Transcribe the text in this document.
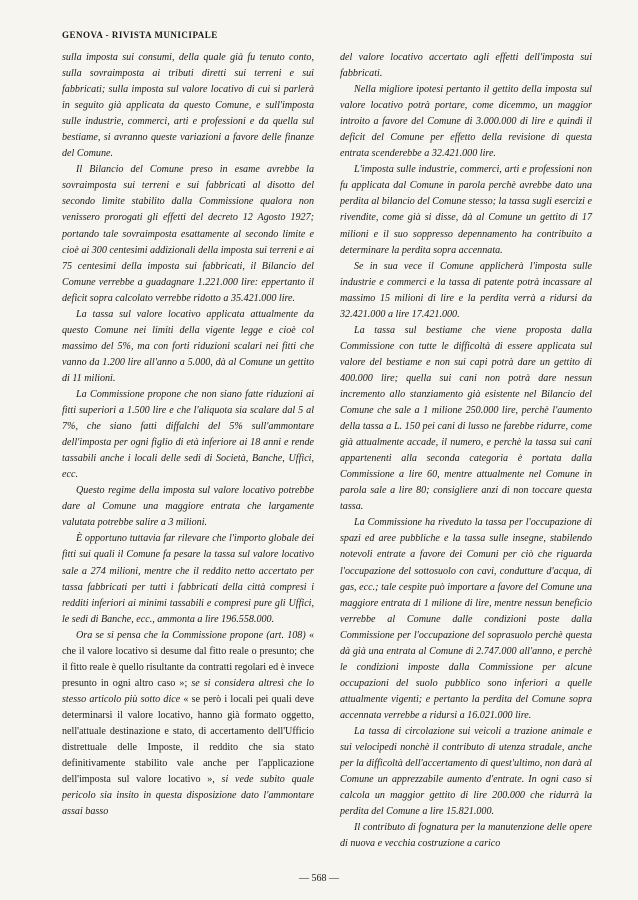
GENOVA - RIVISTA MUNICIPALE

sulla imposta sui consumi, della quale già fu tenuto conto, sulla sovraimposta ai tributi diretti sui terreni e sui fabbricati; sulla imposta sul valore locativo di cui si parlerà in seguito già applicata da questo Comune, e sull'imposta sulle industrie, commerci, arti e professioni e da quella sul bestiame, si avranno queste variazioni a favore delle finanze del Comune.

Il Bilancio del Comune preso in esame avrebbe la sovraimposta sui terreni e sui fabbricati al disotto del secondo limite stabilito dalla Commissione qualora non venissero prorogati gli effetti del decreto 12 Agosto 1927; portando tale sovraimposta esattamente al secondo limite e cioè ai 300 centesimi addizionali della imposta sui terreni e ai 75 centesimi della imposta sui fabbricati, il Bilancio del Comune verrebbe a guadagnare 1.221.000 lire: eppertanto il deficit sopra calcolato verrebbe ridotto a 35.421.000 lire.

La tassa sul valore locativo applicata attualmente da questo Comune nei limiti della vigente legge e cioè col massimo del 5%, ma con forti riduzioni scalari nei fitti che vanno da 1.200 lire all'anno a 5.000, dà al Comune un gettito di 11 milioni.

La Commissione propone che non siano fatte riduzioni ai fitti superiori a 1.500 lire e che l'aliquota sia scalare dal 5 al 7%, che siano fatti diffalchi del 5% sull'ammontare dell'imposta per ogni figlio di età inferiore ai 18 anni e rende tassabili anche i locali delle sedi di Società, Banche, Uffici, ecc.

Questo regime della imposta sul valore locativo potrebbe dare al Comune una maggiore entrata che largamente valutata potrebbe salire a 3 milioni.

È opportuno tuttavia far rilevare che l'importo globale dei fitti sui quali il Comune fa pesare la tassa sul valore locativo sale a 274 milioni, mentre che il reddito netto accertato per tassa fabbricati per tutti i fabbricati della città compresi i redditi inferiori ai minimi tassabili e compresi pure gli Uffici, le sedi di Banche, ecc., ammonta a lire 196.558.000.

Ora se si pensa che la Commissione propone (art. 108) « che il valore locativo si desume dal fitto reale o presunto; che il fitto reale è quello risultante da contratti regolari ed è invece presunto in ogni altro caso »; se si considera altresì che lo stesso articolo più sotto dice « se però i locali pei quali deve determinarsi il valore locativo, hanno già formato oggetto, nell'attuale destinazione e stato, di accertamento dell'Ufficio distrettuale delle Imposte, il reddito che sia stato definitivamente stabilito vale anche per l'applicazione dell'imposta sul valore locativo », si vede subito quale pericolo sia insito in questa disposizione dato l'ammontare assai basso

del valore locativo accertato agli effetti dell'imposta sui fabbricati.

Nella migliore ipotesi pertanto il gettito della imposta sul valore locativo potrà portare, come dicemmo, un maggior introito a favore del Comune di 3.000.000 di lire e quindi il deficit del Comune per effetto della revisione di questa entrata scenderebbe a 32.421.000 lire.

L'imposta sulle industrie, commerci, arti e professioni non fu applicata dal Comune in parola perchè avrebbe dato una perdita al bilancio del Comune stesso; la tassa sugli esercizi e rivendite, come già si disse, dà al Comune un gettito di 17 milioni e il suo soppresso depennamento ha contribuito a determinare la perdita sopra accennata.

Se in sua vece il Comune applicherà l'imposta sulle industrie e commerci e la tassa di patente potrà incassare al massimo 15 milioni di lire e la perdita verrà a ridursi da 32.421.000 a lire 17.421.000.

La tassa sul bestiame che viene proposta dalla Commissione con tutte le difficoltà di essere applicata sul valore del bestiame e non sui capi potrà dare un gettito di 400.000 lire; quella sui cani non potrà dare nessun incremento allo stanziamento già esistente nel Bilancio del Comune che sale a 1 milione 250.000 lire, perchè l'aumento della tassa a L. 150 pei cani di lusso ne farebbe ridurre, come già attualmente accade, il numero, e perchè la tassa sui cani appartenenti alla seconda categoria è portata dalla Commissione a lire 60, mentre attualmente nel Comune in parola sale a lire 80; consigliere anzi di non toccare questa tassa.

La Commissione ha riveduto la tassa per l'occupazione di spazi ed aree pubbliche e la tassa sulle insegne, stabilendo notevoli entrate a favore dei Comuni per ciò che riguarda l'occupazione del sottosuolo con cavi, condutture d'acqua, di gas, ecc.; tale cespite può importare a favore del Comune una maggiore entrata di 1 milione di lire, mentre nessun beneficio verrebbe al Comune dalle condizioni poste dalla Commissione per l'occupazione del soprasuolo perchè questa dà già una entrata al Comune di 2.747.000 all'anno, e perchè le condizioni imposte dalla Commissione per alcune occupazioni del suolo pubblico sono inferiori a quelle attualmente vigenti; e pertanto la perdita del Comune sopra accennata verrebbe a ridursi a 16.021.000 lire.

La tassa di circolazione sui veicoli a trazione animale e sui velocipedi nonchè il contributo di utenza stradale, anche per la difficoltà dell'accertamento di quest'ultimo, non darà al Comune un apprezzabile aumento d'entrate. In ogni caso si calcola un maggior gettito di lire 200.000 che ridurrà la perdita del Comune a lire 15.821.000.

Il contributo di fognatura per la manutenzione delle opere di nuova e vecchia costruzione a carico

— 568 —
